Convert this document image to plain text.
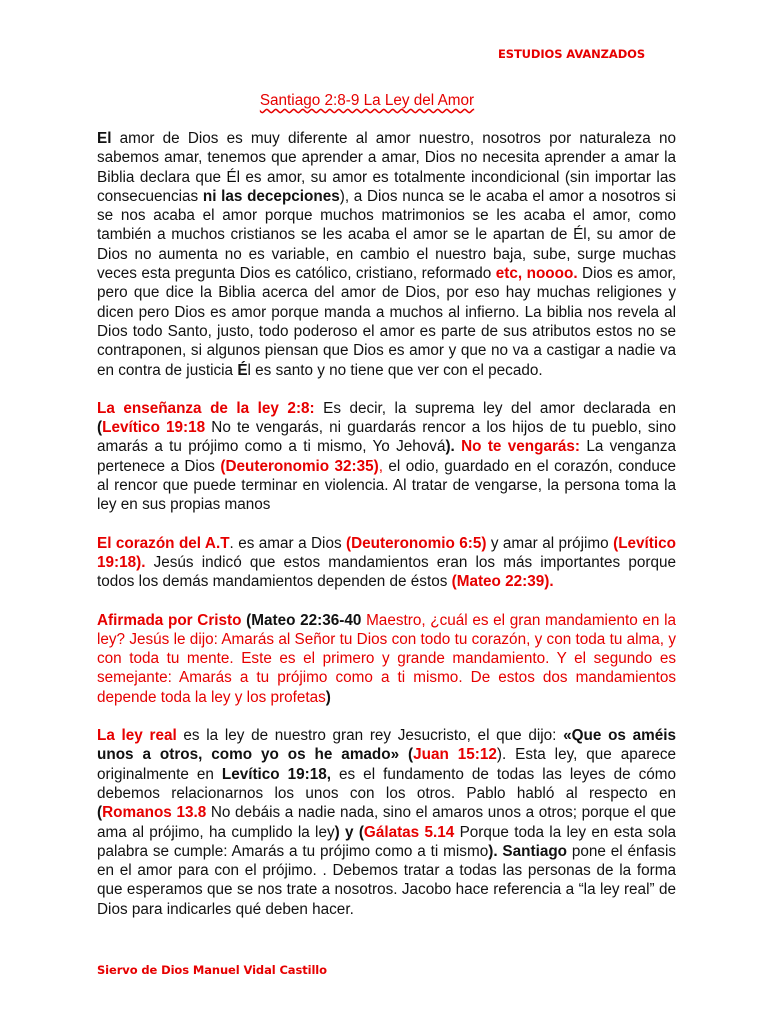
ESTUDIOS AVANZADOS
Santiago 2:8-9 La Ley del Amor

El amor de Dios es muy diferente al amor nuestro, nosotros por naturaleza no sabemos amar, tenemos que aprender a amar, Dios no necesita aprender a amar la Biblia declara que Él es amor, su amor es totalmente incondicional (sin importar las consecuencias ni las decepciones), a Dios nunca se le acaba el amor a nosotros si se nos acaba el amor porque muchos matrimonios se les acaba el amor, como también a muchos cristianos se les acaba el amor se le apartan de Él, su amor de Dios no aumenta no es variable, en cambio el nuestro baja, sube, surge muchas veces esta pregunta Dios es católico, cristiano, reformado etc, noooo. Dios es amor, pero que dice la Biblia acerca del amor de Dios, por eso hay muchas religiones y dicen pero Dios es amor porque manda a muchos al infierno. La biblia nos revela al Dios todo Santo, justo, todo poderoso el amor es parte de sus atributos estos no se contraponen, si algunos piensan que Dios es amor y que no va a castigar a nadie va en contra de justicia Él es santo y no tiene que ver con el pecado.

La enseñanza de la ley 2:8: Es decir, la suprema ley del amor declarada en (Levítico 19:18 No te vengarás, ni guardarás rencor a los hijos de tu pueblo, sino amarás a tu prójimo como a ti mismo, Yo Jehová). No te vengarás: La venganza pertenece a Dios (Deuteronomio 32:35), el odio, guardado en el corazón, conduce al rencor que puede terminar en violencia. Al tratar de vengarse, la persona toma la ley en sus propias manos

El corazón del A.T. es amar a Dios (Deuteronomio 6:5) y amar al prójimo (Levítico 19:18). Jesús indicó que estos mandamientos eran los más importantes porque todos los demás mandamientos dependen de éstos (Mateo 22:39).

Afirmada por Cristo (Mateo 22:36-40 Maestro, ¿cuál es el gran mandamiento en la ley? Jesús le dijo: Amarás al Señor tu Dios con todo tu corazón, y con toda tu alma, y con toda tu mente. Este es el primero y grande mandamiento. Y el segundo es semejante: Amarás a tu prójimo como a ti mismo. De estos dos mandamientos depende toda la ley y los profetas)

La ley real es la ley de nuestro gran rey Jesucristo, el que dijo: «Que os améis unos a otros, como yo os he amado» (Juan 15:12). Esta ley, que aparece originalmente en Levítico 19:18, es el fundamento de todas las leyes de cómo debemos relacionarnos los unos con los otros. Pablo habló al respecto en (Romanos 13.8 No debáis a nadie nada, sino el amaros unos a otros; porque el que ama al prójimo, ha cumplido la ley) y (Gálatas 5.14 Porque toda la ley en esta sola palabra se cumple: Amarás a tu prójimo como a ti mismo). Santiago pone el énfasis en el amor para con el prójimo. . Debemos tratar a todas las personas de la forma que esperamos que se nos trate a nosotros. Jacobo hace referencia a “la ley real” de Dios para indicarles qué deben hacer.

Siervo de Dios Manuel Vidal Castillo
